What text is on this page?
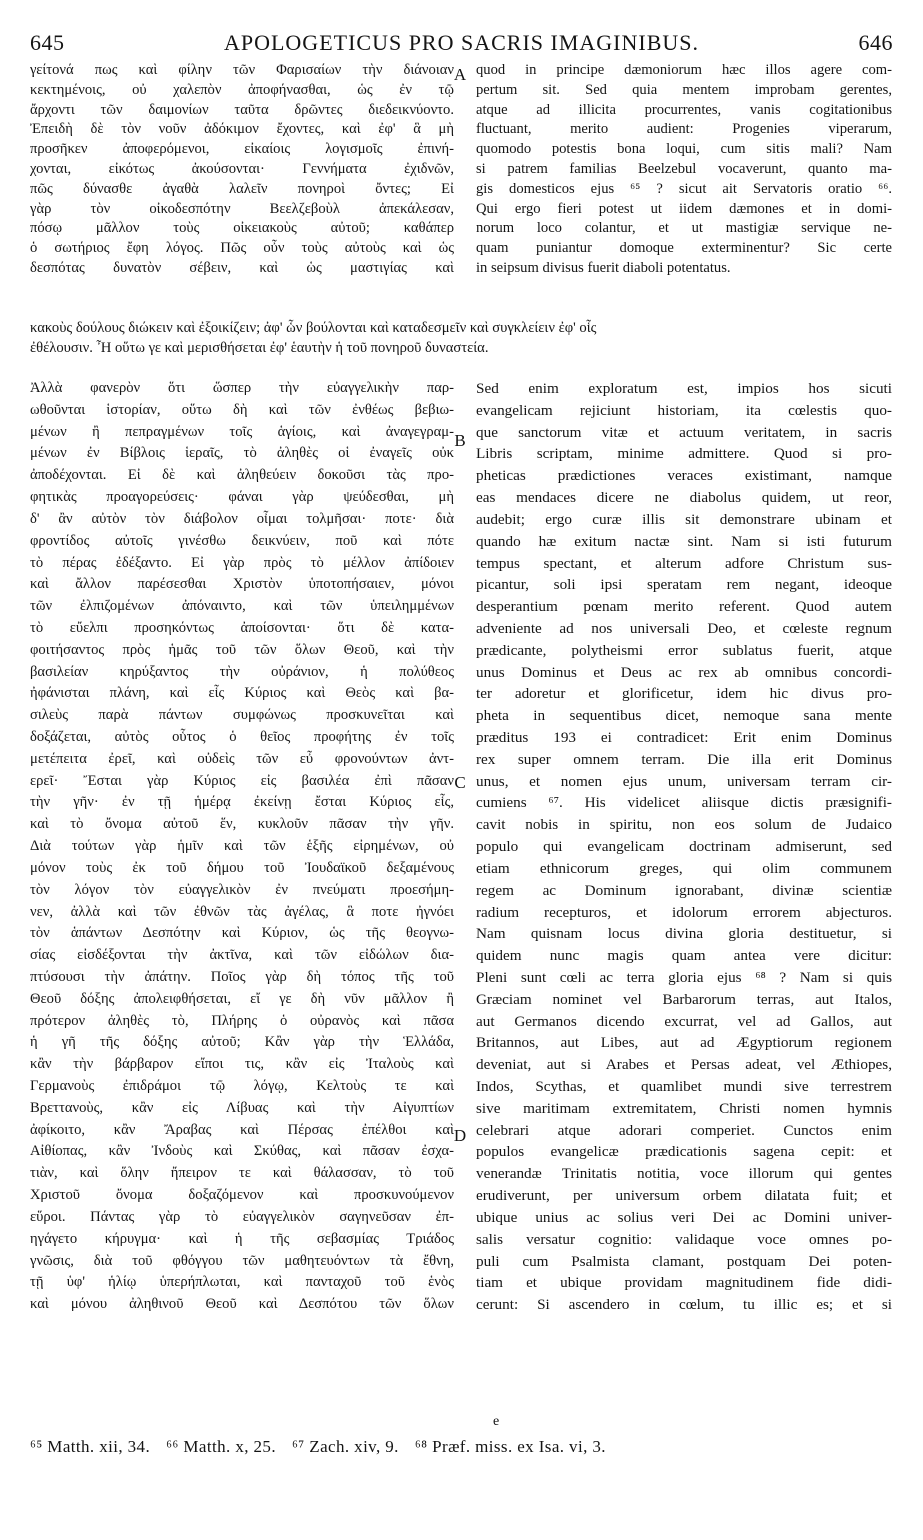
645	APOLOGETICUS PRO SACRIS IMAGINIBUS.	646
γείτονά πως καὶ φίλην τῶν Φαρισαίων τὴν διάνοιαν
κεκτημένοις, οὐ χαλεπὸν ἀποφήνασθαι, ὡς ἐν τῷ
ἄρχοντι τῶν δαιμονίων ταῦτα δρῶντες διεδεικνύοντο.
Ἐπειδὴ δὲ τὸν νοῦν ἀδόκιμον ἔχοντες, καὶ ἐφ' ἃ μὴ
προσῆκεν ἀποφερόμενοι, εἰκαίοις λογισμοῖς ἐπινή-
χονται, εἰκότως ἀκούσονται· Γεννήματα ἐχιδνῶν,
πῶς δύνασθε ἀγαθὰ λαλεῖν πονηροὶ ὄντες; Εἰ
γὰρ τὸν οἰκοδεσπότην Βεελζεβοὺλ ἀπεκάλεσαν,
πόσῳ μᾶλλον τοὺς οἰκειακοὺς αὐτοῦ; καθάπερ
ὁ σωτήριος ἔφη λόγος. Πῶς οὖν τοὺς αὐτοὺς καὶ ὡς
δεσπότας δυνατὸν σέβειν, καὶ ὡς μαστιγίας καὶ
quod in principe dæmoniorum hæc illos agere com-
pertum sit. Sed quia mentem improbam gerentes,
atque ad illicita procurrentes, vanis cogitationibus
fluctuant, merito audient: Progenies viperarum,
quomodo potestis bona loqui, cum sitis mali? Nam
si patrem familias Beelzebul vocaverunt, quanto ma-
gis domesticos ejus ⁶⁵ ? sicut ait Servatoris oratio ⁶⁶.
Qui ergo fieri potest ut iidem dæmones et in domi-
norum loco colantur, et ut mastigiæ servique ne-
quam puniantur domoque exterminentur? Sic certe
in seipsum divisus fuerit diaboli potentatus.
κακοὺς δούλους διώκειν καὶ ἐξοικίζειν; ἀφ' ὧν βούλονται καὶ καταδεσμεῖν καὶ συγκλείειν ἐφ' οἷς
ἐθέλουσιν. Ἦ οὕτω γε καὶ μερισθήσεται ἐφ' ἑαυτὴν ἡ τοῦ πονηροῦ δυναστεία.
Ἀλλὰ φανερὸν ὅτι ὥσπερ τὴν εὐαγγελικὴν παρ-
ωθοῦνται ἱστορίαν, οὕτω δὴ καὶ τῶν ἐνθέως βεβιω-
μένων ἢ πεπραγμένων τοῖς ἁγίοις, καὶ ἀναγεγραμ-
μένων ἐν Βίβλοις ἱεραῖς, τὸ ἀληθὲς οἱ ἐναγεῖς οὐκ
ἀποδέχονται. Εἰ δὲ καὶ ἀληθεύειν δοκοῦσι τὰς προ-
φητικὰς προαγορεύσεις· φάναι γὰρ ψεύδεσθαι, μὴ
δ' ἂν αὐτὸν τὸν διάβολον οἶμαι τολμῆσαι· ποτε· διὰ
φροντίδος αὐτοῖς γινέσθω δεικνύειν, ποῦ καὶ πότε
τὸ πέρας ἐδέξαντο. Εἰ γὰρ πρὸς τὸ μέλλον ἀπίδοιεν
καὶ ἄλλον παρέσεσθαι Χριστὸν ὑποτοπήσαιεν, μόνοι
τῶν ἐλπιζομένων ἀπόναιντο, καὶ τῶν ὑπειλημμένων
τὸ εὔελπι προσηκόντως ἀποίσονται· ὅτι δὲ κατα-
φοιτήσαντος πρὸς ἡμᾶς τοῦ τῶν ὅλων Θεοῦ, καὶ τὴν
βασιλείαν κηρύξαντος τὴν οὐράνιον, ἡ πολύθεος
ἠφάνισται πλάνη, καὶ εἷς Κύριος καὶ Θεὸς καὶ βα-
σιλεὺς παρὰ πάντων συμφώνως προσκυνεῖται καὶ
δοξάζεται, αὐτὸς οὗτος ὁ θεῖος προφήτης ἐν τοῖς
μετέπειτα ἐρεῖ, καὶ οὐδεὶς τῶν εὖ φρονούντων ἀντ-
ερεῖ· Ἔσται γὰρ Κύριος εἰς βασιλέα ἐπὶ πᾶσαν
τὴν γῆν· ἐν τῇ ἡμέρᾳ ἐκείνῃ ἔσται Κύριος εἷς,
καὶ τὸ ὄνομα αὐτοῦ ἕν, κυκλοῦν πᾶσαν τὴν γῆν.
Διὰ τούτων γὰρ ἡμῖν καὶ τῶν ἑξῆς εἰρημένων, οὐ
μόνον τοὺς ἐκ τοῦ δήμου τοῦ Ἰουδαϊκοῦ δεξαμένους
τὸν λόγον τὸν εὐαγγελικὸν ἐν πνεύματι προεσήμη-
νεν, ἀλλὰ καὶ τῶν ἐθνῶν τὰς ἀγέλας, ἃ ποτε ἠγνόει
τὸν ἁπάντων Δεσπότην καὶ Κύριον, ὡς τῆς θεογνω-
σίας εἰσδέξονται τὴν ἀκτῖνα, καὶ τῶν εἰδώλων δια-
πτύσουσι τὴν ἀπάτην. Ποῖος γὰρ δὴ τόπος τῆς τοῦ
Θεοῦ δόξης ἀπολειφθήσεται, εἴ γε δὴ νῦν μᾶλλον ἢ
πρότερον ἀληθὲς τὸ, Πλήρης ὁ οὐρανὸς καὶ πᾶσα
ἡ γῆ τῆς δόξης αὐτοῦ; Κἂν γὰρ τὴν Ἑλλάδα,
κἂν τὴν βάρβαρον εἴποι τις, κἂν εἰς Ἰταλοὺς καὶ
Γερμανοὺς ἐπιδράμοι τῷ λόγῳ, Κελτοὺς τε καὶ
Βρεττανοὺς, κἂν εἰς Λίβυας καὶ τὴν Αἰγυπτίων
ἀφίκοιτο, κἂν Ἄραβας καὶ Πέρσας ἐπέλθοι καὶ
Αἰθίοπας, κἂν Ἰνδοὺς καὶ Σκύθας, καὶ πᾶσαν ἐσχα-
τιὰν, καὶ ὅλην ἤπειρον τε καὶ θάλασσαν, τὸ τοῦ
Χριστοῦ ὄνομα δοξαζόμενον καὶ προσκυνούμενον
εὕροι. Πάντας γὰρ τὸ εὐαγγελικὸν σαγηνεῦσαν ἐπ-
ηγάγετο κήρυγμα· καὶ ἡ τῆς σεβασμίας Τριάδος
γνῶσις, διὰ τοῦ φθόγγου τῶν μαθητευόντων τὰ ἔθνη,
τῇ ὑφ' ἡλίῳ ὑπερήπλωται, καὶ πανταχοῦ τοῦ ἑνὸς
καὶ μόνου ἀληθινοῦ Θεοῦ καὶ Δεσπότου τῶν ὅλων
Sed enim exploratum est, impios hos sicuti
evangelicam rejiciunt historiam, ita cœlestis quo-
que sanctorum vitæ et actuum veritatem, in sacris
Libris scriptam, minime admittere. Quod si pro-
pheticas prædictiones veraces existimant, namque
eas mendaces dicere ne diabolus quidem, ut reor,
audebit; ergo curæ illis sit demonstrare ubinam et
quando hæ exitum nactæ sint. Nam si isti futurum
tempus spectant, et alterum adfore Christum sus-
picantur, soli ipsi speratam rem negant, ideoque
desperantium pœnam merito referent. Quod autem
adveniente ad nos universali Deo, et cœleste regnum
prædicante, polytheismi error sublatus fuerit, atque
unus Dominus et Deus ac rex ab omnibus concordi-
ter adoretur et glorificetur, idem hic divus pro-
pheta in sequentibus dicet, nemoque sana mente
præditus 193 ei contradicet: Erit enim Dominus
rex super omnem terram. Die illa erit Dominus
unus, et nomen ejus unum, universam terram cir-
cumiens ⁶⁷. His videlicet aliisque dictis præsignifi-
cavit nobis in spiritu, non eos solum de Judaico
populo qui evangelicam doctrinam admiserunt, sed
etiam ethnicorum greges, qui olim communem
regem ac Dominum ignorabant, divinæ scientiæ
radium recepturos, et idolorum errorem abjecturos.
Nam quisnam locus divina gloria destituetur, si
quidem nunc magis quam antea vere dicitur:
Pleni sunt cœli ac terra gloria ejus ⁶⁸ ? Nam si quis
Græciam nominet vel Barbarorum terras, aut Italos,
aut Germanos dicendo excurrat, vel ad Gallos, aut
Britannos, aut Libes, aut ad Ægyptiorum regionem
deveniat, aut si Arabes et Persas adeat, vel Æthiopes,
Indos, Scythas, et quamlibet mundi sive terrestrem
sive maritimam extremitatem, Christi nomen hymnis
celebrari atque adorari comperiet. Cunctos enim
populos evangelicæ prædicationis sagena cepit: et
venerandæ Trinitatis notitia, voce illorum qui gentes
erudiverunt, per universum orbem dilatata fuit; et
ubique unius ac solius veri Dei ac Domini univer-
salis versatur cognitio: validaque voce omnes po-
puli cum Psalmista clamant, postquam Dei poten-
tiam et ubique providam magnitudinem fide didi-
cerunt: Si ascendero in cœlum, tu illic es; et si
A
B
C
D
e
⁶⁵ Matth. xii, 34. ⁶⁶ Matth. x, 25. ⁶⁷ Zach. xiv, 9. ⁶⁸ Præf. miss. ex Isa. vi, 3.
